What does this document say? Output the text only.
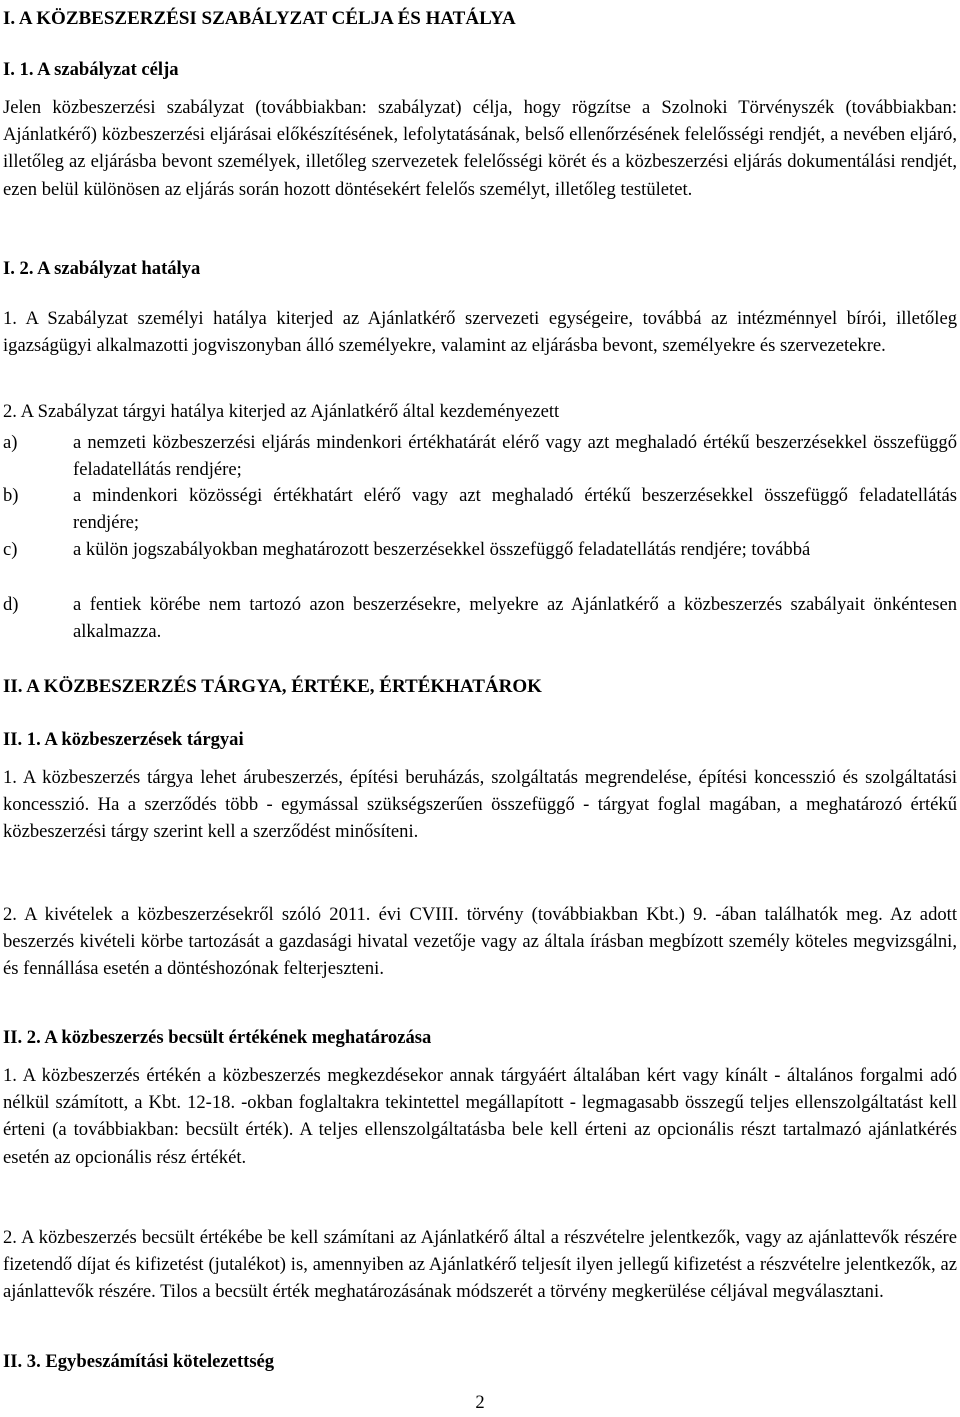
I. A KÖZBESZERZÉSI SZABÁLYZAT CÉLJA ÉS HATÁLYA
I. 1. A szabályzat célja

Jelen közbeszerzési szabályzat (továbbiakban: szabályzat) célja, hogy rögzítse a Szolnoki Törvényszék (továbbiakban: Ajánlatkérő) közbeszerzési eljárásai előkészítésének, lefolytatásának, belső ellenőrzésének felelősségi rendjét, a nevében eljáró, illetőleg az eljárásba bevont személyek, illetőleg szervezetek felelősségi körét és a közbeszerzési eljárás dokumentálási rendjét, ezen belül különösen az eljárás során hozott döntésekért felelős személyt, illetőleg testületet.

I. 2. A szabályzat hatálya

1. A Szabályzat személyi hatálya kiterjed az Ajánlatkérő szervezeti egységeire, továbbá az intézménnyel bírói, illetőleg igazságügyi alkalmazotti jogviszonyban álló személyekre, valamint az eljárásba bevont, személyekre és szervezetekre.

2. A Szabályzat tárgyi hatálya kiterjed az Ajánlatkérő által kezdeményezett

a)	a nemzeti közbeszerzési eljárás mindenkori értékhatárát elérő vagy azt meghaladó értékű beszerzésekkel összefüggő feladatellátás rendjére;
b)	a mindenkori közösségi értékhatárt elérő vagy azt meghaladó értékű beszerzésekkel összefüggő feladatellátás rendjére;
c)	a külön jogszabályokban meghatározott beszerzésekkel összefüggő feladatellátás rendjére; továbbá
d)	a fentiek körébe nem tartozó azon beszerzésekre, melyekre az Ajánlatkérő a közbeszerzés szabályait önkéntesen alkalmazza.
II. A KÖZBESZERZÉS TÁRGYA, ÉRTÉKE, ÉRTÉKHATÁROK
II. 1. A közbeszerzések tárgyai

1. A közbeszerzés tárgya lehet árubeszerzés, építési beruházás, szolgáltatás megrendelése, építési koncesszió és szolgáltatási koncesszió. Ha a szerződés több - egymással szükségszerűen összefüggő - tárgyat foglal magában, a meghatározó értékű közbeszerzési tárgy szerint kell a szerződést minősíteni.

2. A kivételek a közbeszerzésekről szóló 2011. évi CVIII. törvény (továbbiakban Kbt.) 9. -ában találhatók meg. Az adott beszerzés kivételi körbe tartozását a gazdasági hivatal vezetője vagy az általa írásban megbízott személy köteles megvizsgálni, és fennállása esetén a döntéshozónak felterjeszteni.

II. 2. A közbeszerzés becsült értékének meghatározása

1. A közbeszerzés értékén a közbeszerzés megkezdésekor annak tárgyáért általában kért vagy kínált - általános forgalmi adó nélkül számított, a Kbt. 12-18. -okban foglaltakra tekintettel megállapított - legmagasabb összegű teljes ellenszolgáltatást kell érteni (a továbbiakban: becsült érték). A teljes ellenszolgáltatásba bele kell érteni az opcionális részt tartalmazó ajánlatkérés esetén az opcionális rész értékét.

2. A közbeszerzés becsült értékébe be kell számítani az Ajánlatkérő által a részvételre jelentkezők, vagy az ajánlattevők részére fizetendő díjat és kifizetést (jutalékot) is, amennyiben az Ajánlatkérő teljesít ilyen jellegű kifizetést a részvételre jelentkezők, az ajánlattevők részére. Tilos a becsült érték meghatározásának módszerét a törvény megkerülése céljával megválasztani.

II. 3. Egybeszámítási kötelezettség
2
